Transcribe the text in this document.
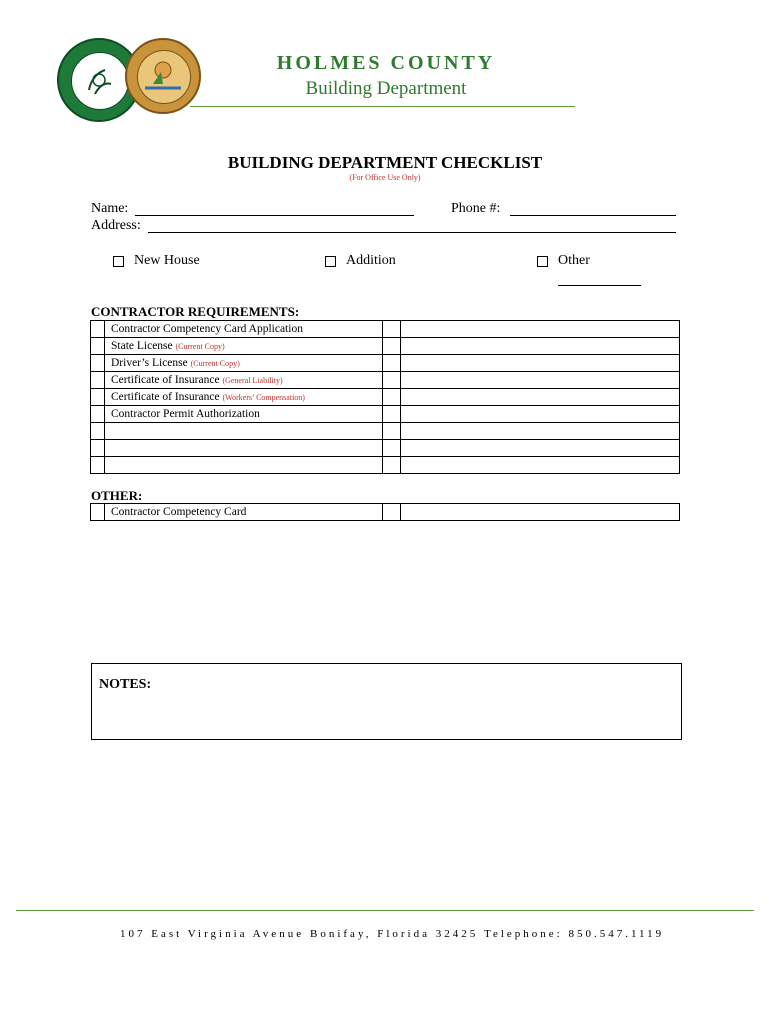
HOLMES COUNTY
Building Department
BUILDING DEPARTMENT CHECKLIST
(For Office Use Only)
Name:	Phone #:
Address:
New House	Addition	Other
CONTRACTOR REQUIREMENTS:
	Contractor Competency Card Application		
	State License (Current Copy)		
	Driver’s License (Current Copy)		
	Certificate of Insurance (General Liability)		
	Certificate of Insurance (Workers’ Compensation)		
	Contractor Permit Authorization		

OTHER:
	Contractor Competency Card		
NOTES:
107 East Virginia Avenue Bonifay, Florida 32425 Telephone: 850.547.1119
